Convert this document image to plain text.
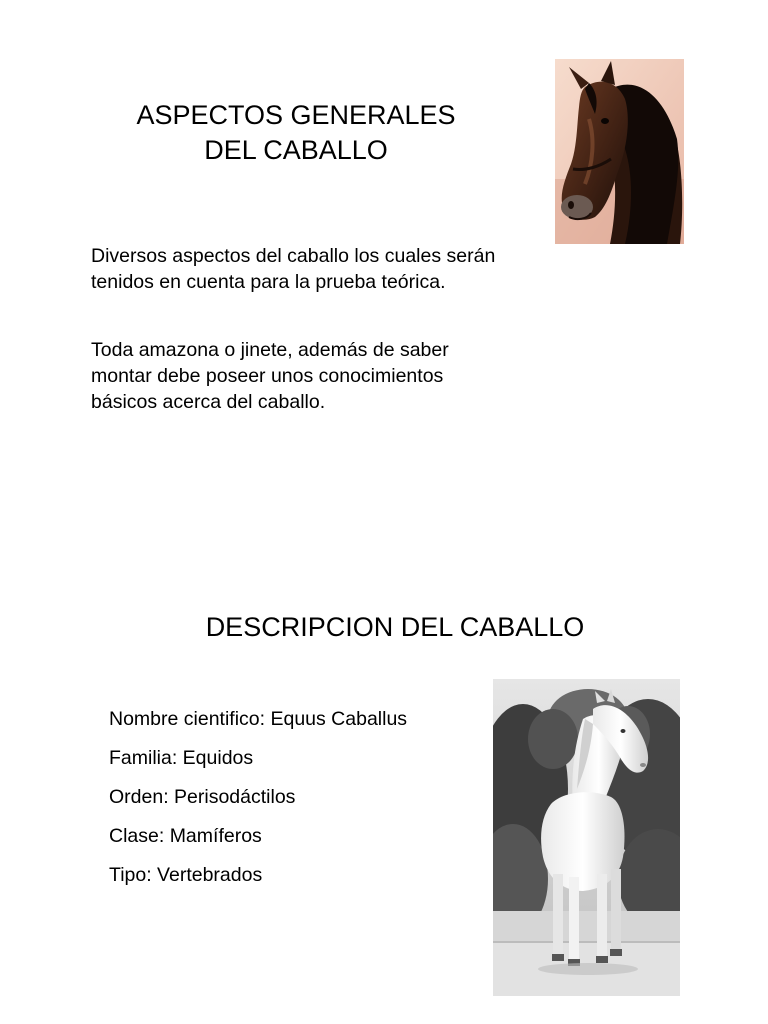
ASPECTOS GENERALES
DEL CABALLO

Diversos aspectos del caballo los cuales serán tenidos en cuenta para la prueba teórica.

Toda amazona o jinete, además de saber montar debe poseer unos conocimientos básicos acerca del caballo.

DESCRIPCION DEL CABALLO
Nombre cientifico: Equus Caballus
Familia: Equidos
Orden: Perisodáctilos
Clase: Mamíferos
Tipo: Vertebrados
